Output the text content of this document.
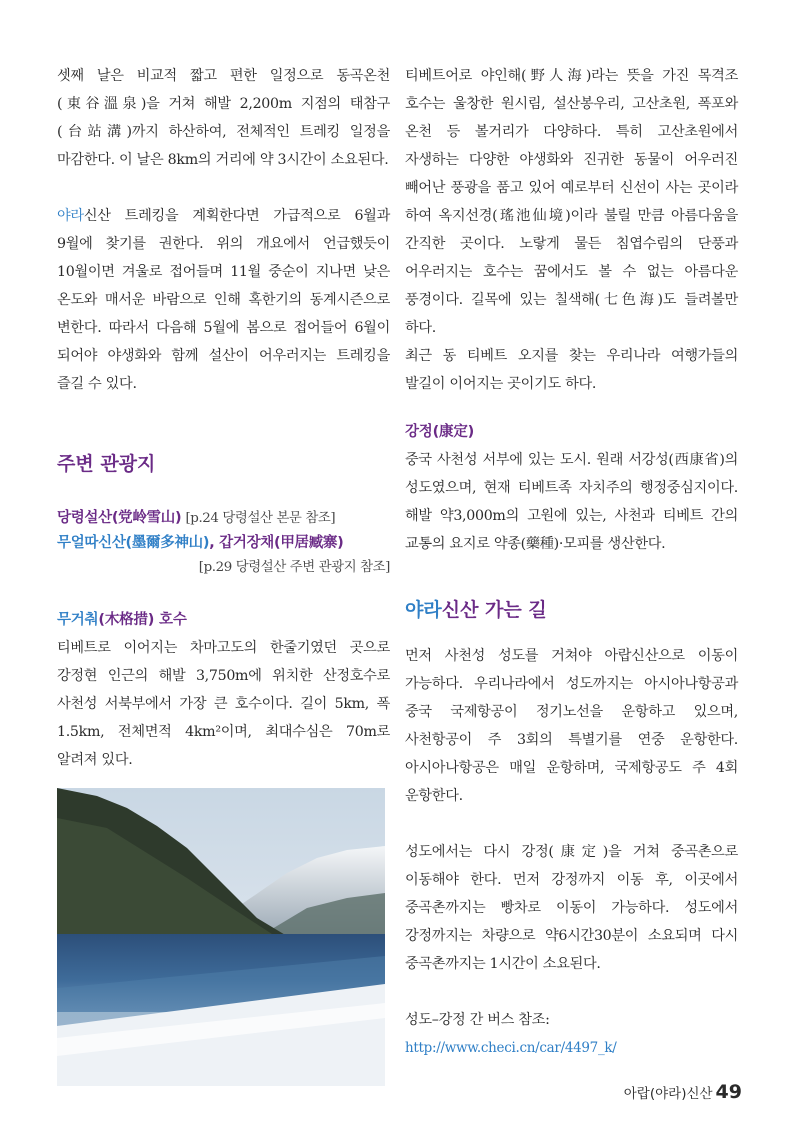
셋째 날은 비교적 짧고 편한 일정으로 동곡온천(東谷溫泉)을 거쳐 해발 2,200m 지점의 태참구(台站溝)까지 하산하여, 전체적인 트레킹 일정을 마감한다. 이 날은 8km의 거리에 약 3시간이 소요된다.

야라신산 트레킹을 계획한다면 가급적으로 6월과 9월에 찾기를 권한다. 위의 개요에서 언급했듯이 10월이면 겨울로 접어들며 11월 중순이 지나면 낮은 온도와 매서운 바람으로 인해 혹한기의 동계시즌으로 변한다. 따라서 다음해 5월에 봄으로 접어들어 6월이 되어야 야생화와 함께 설산이 어우러지는 트레킹을 즐길 수 있다.

주변 관광지

당령설산(党岭雪山) [p.24 당령설산 본문 참조]

무얼따신산(墨爾多神山), 갑거장채(甲居臧寨)

[p.29 당령설산 주변 관광지 참조]

무거춰(木格措) 호수

티베트로 이어지는 차마고도의 한줄기였던 곳으로 강정현 인근의 해발 3,750m에 위치한 산정호수로 사천성 서북부에서 가장 큰 호수이다. 길이 5km, 폭 1.5km, 전체면적 4km²이며, 최대수심은 70m로 알려져 있다.

티베트어로 야인해(野人海)라는 뜻을 가진 목격조 호수는 울창한 원시림, 설산봉우리, 고산초원, 폭포와 온천 등 볼거리가 다양하다. 특히 고산초원에서 자생하는 다양한 야생화와 진귀한 동물이 어우러진 빼어난 풍광을 품고 있어 예로부터 신선이 사는 곳이라 하여 옥지선경(瑤池仙境)이라 불릴 만큼 아름다움을 간직한 곳이다. 노랗게 물든 침엽수림의 단풍과 어우러지는 호수는 꿈에서도 볼 수 없는 아름다운 풍경이다. 길목에 있는 칠색해(七色海)도 들려볼만 하다.

최근 동 티베트 오지를 찾는 우리나라 여행가들의 발길이 이어지는 곳이기도 하다.

강정(康定)

중국 사천성 서부에 있는 도시. 원래 서강성(西康省)의 성도였으며, 현재 티베트족 자치주의 행정중심지이다. 해발 약3,000m의 고원에 있는, 사천과 티베트 간의 교통의 요지로 약종(藥種)·모피를 생산한다.

야라신산 가는 길

먼저 사천성 성도를 거쳐야 아랍신산으로 이동이 가능하다. 우리나라에서 성도까지는 아시아나항공과 중국 국제항공이 정기노선을 운항하고 있으며, 사천항공이 주 3회의 특별기를 연중 운항한다. 아시아나항공은 매일 운항하며, 국제항공도 주 4회 운항한다.

성도에서는 다시 강정(康定)을 거쳐 중곡촌으로 이동해야 한다. 먼저 강정까지 이동 후, 이곳에서 중곡촌까지는 빵차로 이동이 가능하다. 성도에서 강정까지는 차량으로 약6시간30분이 소요되며 다시 중곡촌까지는 1시간이 소요된다.

성도–강정 간 버스 참조:

http://www.checi.cn/car/4497_k/

아랍(야라)신산 49
